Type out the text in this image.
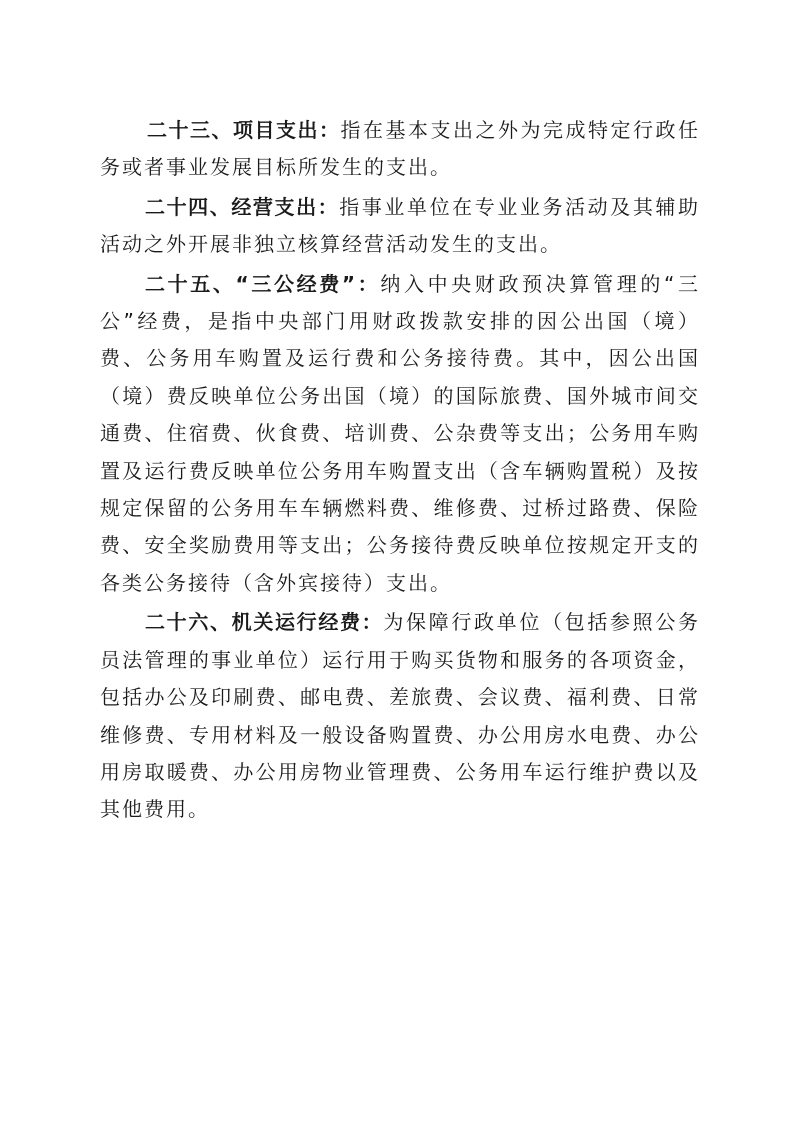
二十三、项目支出：指在基本支出之外为完成特定行政任务或者事业发展目标所发生的支出。

二十四、经营支出：指事业单位在专业业务活动及其辅助活动之外开展非独立核算经营活动发生的支出。

二十五、“三公经费”：纳入中央财政预决算管理的“三公”经费，是指中央部门用财政拨款安排的因公出国（境）费、公务用车购置及运行费和公务接待费。其中，因公出国（境）费反映单位公务出国（境）的国际旅费、国外城市间交通费、住宿费、伙食费、培训费、公杂费等支出；公务用车购置及运行费反映单位公务用车购置支出（含车辆购置税）及按规定保留的公务用车车辆燃料费、维修费、过桥过路费、保险费、安全奖励费用等支出；公务接待费反映单位按规定开支的各类公务接待（含外宾接待）支出。

二十六、机关运行经费：为保障行政单位（包括参照公务员法管理的事业单位）运行用于购买货物和服务的各项资金，包括办公及印刷费、邮电费、差旅费、会议费、福利费、日常维修费、专用材料及一般设备购置费、办公用房水电费、办公用房取暖费、办公用房物业管理费、公务用车运行维护费以及其他费用。
